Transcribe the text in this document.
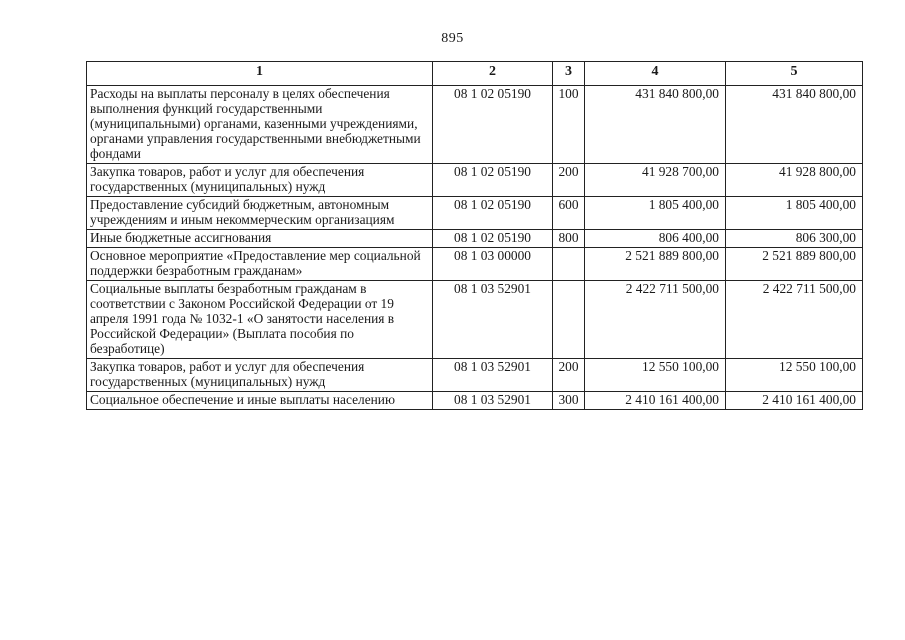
895
1	2	3	4	5
Расходы на выплаты персоналу в целях обеспечения выполнения функций государственными (муниципальными) органами, казенными учреждениями, органами управления государственными внебюджетными фондами	08 1 02 05190	100	431 840 800,00	431 840 800,00
Закупка товаров, работ и услуг для обеспечения государственных (муниципальных) нужд	08 1 02 05190	200	41 928 700,00	41 928 800,00
Предоставление субсидий бюджетным, автономным учреждениям и иным некоммерческим организациям	08 1 02 05190	600	1 805 400,00	1 805 400,00
Иные бюджетные ассигнования	08 1 02 05190	800	806 400,00	806 300,00
Основное мероприятие «Предоставление мер социальной поддержки безработным гражданам»	08 1 03 00000		2 521 889 800,00	2 521 889 800,00
Социальные выплаты безработным гражданам в соответствии с Законом Российской Федерации от 19 апреля 1991 года № 1032-1 «О занятости населения в Российской Федерации» (Выплата пособия по безработице)	08 1 03 52901		2 422 711 500,00	2 422 711 500,00
Закупка товаров, работ и услуг для обеспечения государственных (муниципальных) нужд	08 1 03 52901	200	12 550 100,00	12 550 100,00
Социальное обеспечение и иные выплаты населению	08 1 03 52901	300	2 410 161 400,00	2 410 161 400,00
